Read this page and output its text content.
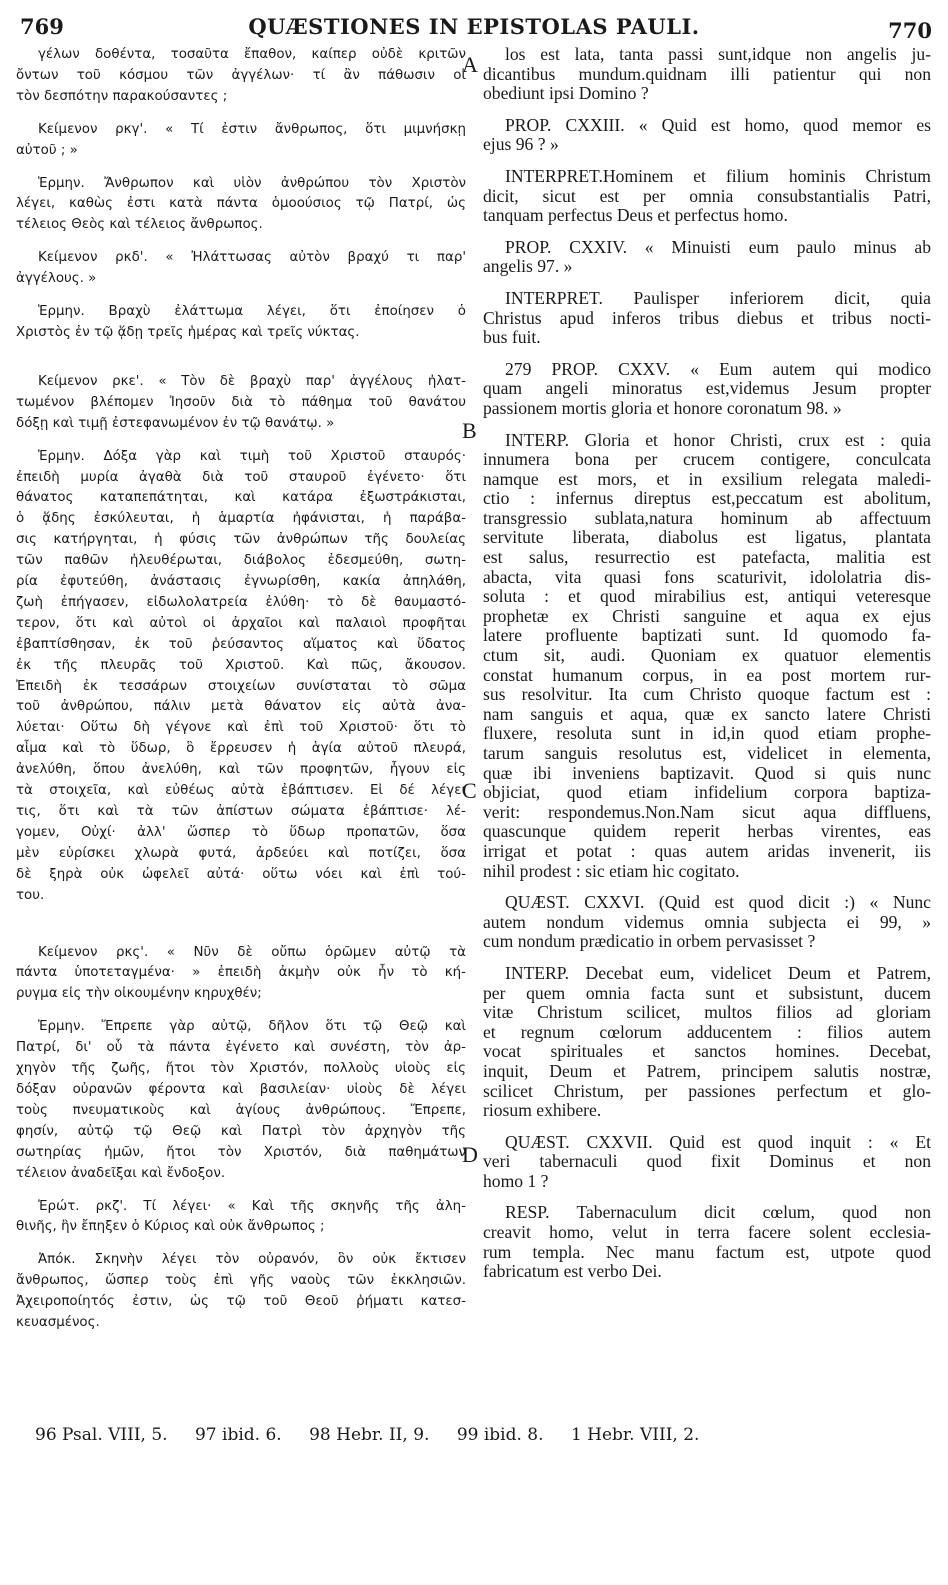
769	QUÆSTIONES IN EPISTOLAS PAULI.	770
γέλων δοθέντα, τοσαῦτα ἔπαθον, καίπερ οὐδὲ κριτῶν
ὄντων τοῦ κόσμου τῶν ἀγγέλων· τί ἂν πάθωσιν οἱ
τὸν δεσπότην παρακούσαντες ;
Κείμενον ρκγ'. « Τί ἐστιν ἄνθρωπος, ὅτι μιμνήσκῃ
αὐτοῦ ; »
Ἑρμην. Ἄνθρωπον καὶ υἱὸν ἀνθρώπου τὸν Χριστὸν
λέγει, καθὼς ἐστι κατὰ πάντα ὁμοούσιος τῷ Πατρί, ὡς
τέλειος Θεὸς καὶ τέλειος ἄνθρωπος.
Κείμενον ρκδ'. « Ἠλάττωσας αὐτὸν βραχύ τι παρ'
ἀγγέλους. »
Ἑρμην. Βραχὺ ἐλάττωμα λέγει, ὅτι ἐποίησεν ὁ
Χριστὸς ἐν τῷ ᾅδῃ τρεῖς ἡμέρας καὶ τρεῖς νύκτας.
Κείμενον ρκε'. « Τὸν δὲ βραχὺ παρ' ἀγγέλους ἠλατ-
τωμένον βλέπομεν Ἰησοῦν διὰ τὸ πάθημα τοῦ θανάτου
δόξῃ καὶ τιμῇ ἐστεφανωμένον ἐν τῷ θανάτῳ. »
Ἑρμην. Δόξα γὰρ καὶ τιμὴ τοῦ Χριστοῦ σταυρός·
ἐπειδὴ μυρία ἀγαθὰ διὰ τοῦ σταυροῦ ἐγένετο· ὅτι
θάνατος καταπεπάτηται, καὶ κατάρα ἐξωστράκισται,
ὁ ᾅδης ἐσκύλευται, ἡ ἁμαρτία ἠφάνισται, ἡ παράβα-
σις κατήργηται, ἡ φύσις τῶν ἀνθρώπων τῆς δουλείας
τῶν παθῶν ἠλευθέρωται, διάβολος ἐδεσμεύθη, σωτη-
ρία ἐφυτεύθη, ἀνάστασις ἐγνωρίσθη, κακία ἀπηλάθη,
ζωὴ ἐπήγασεν, εἰδωλολατρεία ἐλύθη· τὸ δὲ θαυμαστό-
τερον, ὅτι καὶ αὐτοὶ οἱ ἀρχαῖοι καὶ παλαιοὶ προφῆται
ἐβαπτίσθησαν, ἐκ τοῦ ῥεύσαντος αἵματος καὶ ὕδατος
ἐκ τῆς πλευρᾶς τοῦ Χριστοῦ. Καὶ πῶς, ἄκουσον.
Ἐπειδὴ ἐκ τεσσάρων στοιχείων συνίσταται τὸ σῶμα
τοῦ ἀνθρώπου, πάλιν μετὰ θάνατον εἰς αὐτὰ ἀνα-
λύεται· Οὕτω δὴ γέγονε καὶ ἐπὶ τοῦ Χριστοῦ· ὅτι τὸ
αἷμα καὶ τὸ ὕδωρ, ὃ ἔρρευσεν ἡ ἁγία αὐτοῦ πλευρά,
ἀνελύθη, ὅπου ἀνελύθη, καὶ τῶν προφητῶν, ἦγουν εἰς
τὰ στοιχεῖα, καὶ εὐθέως αὐτὰ ἐβάπτισεν. Εἰ δέ λέγει
τις, ὅτι καὶ τὰ τῶν ἀπίστων σώματα ἐβάπτισε· λέ-
γομεν, Οὐχί· ἀλλ' ὥσπερ τὸ ὕδωρ προπατῶν, ὅσα
μὲν εὑρίσκει χλωρὰ φυτά, ἀρδεύει καὶ ποτίζει, ὅσα
δὲ ξηρὰ οὐκ ὠφελεῖ αὐτά· οὕτω νόει καὶ ἐπὶ τού-
του.
Κείμενον ρκς'. « Νῦν δὲ οὔπω ὁρῶμεν αὐτῷ τὰ
πάντα ὑποτεταγμένα· » ἐπειδὴ ἀκμὴν οὐκ ἦν τὸ κή-
ρυγμα εἰς τὴν οἰκουμένην κηρυχθέν;
Ἑρμην. Ἔπρεπε γὰρ αὐτῷ, δῆλον ὅτι τῷ Θεῷ καὶ
Πατρί, δι' οὗ τὰ πάντα ἐγένετο καὶ συνέστη, τὸν ἀρ-
χηγὸν τῆς ζωῆς, ἤτοι τὸν Χριστόν, πολλοὺς υἱοὺς εἰς
δόξαν οὐρανῶν φέροντα καὶ βασιλείαν· υἱοὺς δὲ λέγει
τοὺς πνευματικοὺς καὶ ἁγίους ἀνθρώπους. Ἔπρεπε,
φησίν, αὐτῷ τῷ Θεῷ καὶ Πατρὶ τὸν ἀρχηγὸν τῆς
σωτηρίας ἡμῶν, ἤτοι τὸν Χριστόν, διὰ παθημάτων
τέλειον ἀναδεῖξαι καὶ ἔνδοξον.
Ἐρώτ. ρκζ'. Τί λέγει· « Καὶ τῆς σκηνῆς τῆς ἀλη-
θινῆς, ἣν ἔπηξεν ὁ Κύριος καὶ οὐκ ἄνθρωπος ;
Ἀπόκ. Σκηνὴν λέγει τὸν οὐρανόν, ὃν οὐκ ἔκτισεν
ἄνθρωπος, ὥσπερ τοὺς ἐπὶ γῆς ναοὺς τῶν ἐκκλησιῶν.
Ἀχειροποίητός ἐστιν, ὡς τῷ τοῦ Θεοῦ ῥήματι κατεσ-
κευασμένος.
los est lata, tanta passi sunt,idque non angelis ju-
dicantibus mundum.quidnam illi patientur qui non
obediunt ipsi Domino ?
PROP. CXXIII. « Quid est homo, quod memor es
ejus 96 ? »
INTERPRET.Hominem et filium hominis Christum
dicit, sicut est per omnia consubstantialis Patri,
tanquam perfectus Deus et perfectus homo.
PROP. CXXIV. « Minuisti eum paulo minus ab
angelis 97. »
INTERPRET. Paulisper inferiorem dicit, quia
Christus apud inferos tribus diebus et tribus nocti-
bus fuit.
279 PROP. CXXV. « Eum autem qui modico
quam angeli minoratus est,videmus Jesum propter
passionem mortis gloria et honore coronatum 98. »
INTERP. Gloria et honor Christi, crux est : quia
innumera bona per crucem contigere, conculcata
namque est mors, et in exsilium relegata maledi-
ctio : infernus direptus est,peccatum est abolitum,
transgressio sublata,natura hominum ab affectuum
servitute liberata, diabolus est ligatus, plantata
est salus, resurrectio est patefacta, malitia est
abacta, vita quasi fons scaturivit, idololatria dis-
soluta : et quod mirabilius est, antiqui veteresque
prophetæ ex Christi sanguine et aqua ex ejus
latere profluente baptizati sunt. Id quomodo fa-
ctum sit, audi. Quoniam ex quatuor elementis
constat humanum corpus, in ea post mortem rur-
sus resolvitur. Ita cum Christo quoque factum est :
nam sanguis et aqua, quæ ex sancto latere Christi
fluxere, resoluta sunt in id,in quod etiam prophe-
tarum sanguis resolutus est, videlicet in elementa,
quæ ibi inveniens baptizavit. Quod si quis nunc
objiciat, quod etiam infidelium corpora baptiza-
verit: respondemus.Non.Nam sicut aqua diffluens,
quascunque quidem reperit herbas virentes, eas
irrigat et potat : quas autem aridas invenerit, iis
nihil prodest : sic etiam hic cogitato.
QUÆST. CXXVI. (Quid est quod dicit :) « Nunc
autem nondum videmus omnia subjecta ei 99, »
cum nondum prædicatio in orbem pervasisset ?
INTERP. Decebat eum, videlicet Deum et Patrem,
per quem omnia facta sunt et subsistunt, ducem
vitæ Christum scilicet, multos filios ad gloriam
et regnum cœlorum adducentem : filios autem
vocat spirituales et sanctos homines. Decebat,
inquit, Deum et Patrem, principem salutis nostræ,
scilicet Christum, per passiones perfectum et glo-
riosum exhibere.
QUÆST. CXXVII. Quid est quod inquit : « Et
veri tabernaculi quod fixit Dominus et non
homo 1 ?
RESP. Tabernaculum dicit cœlum, quod non
creavit homo, velut in terra facere solent ecclesia-
rum templa. Nec manu factum est, utpote quod
fabricatum est verbo Dei.
A
B
C
D
96 Psal. VIII, 5. 97 ibid. 6. 98 Hebr. II, 9. 99 ibid. 8. 1 Hebr. VIII, 2.
